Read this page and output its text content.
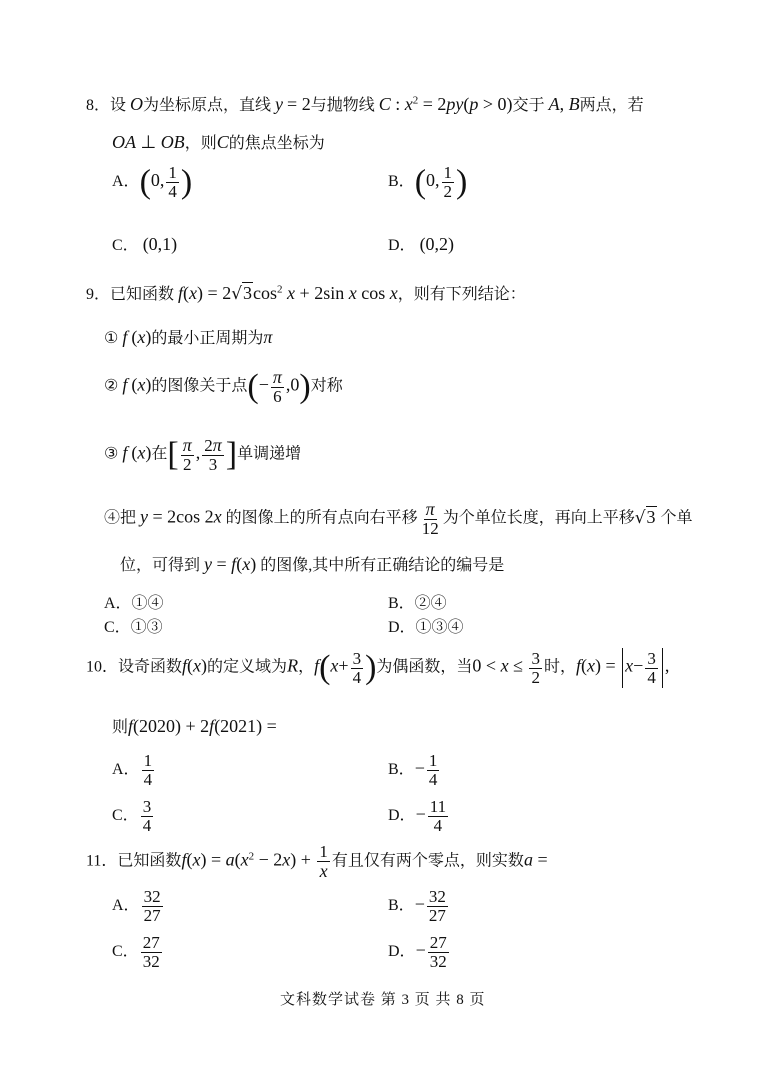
8．设 O为坐标原点，直线 y = 2与抛物线 C : $x^2 = 2py(p > 0)$交于 A, B两点，若
OA ⊥ OB，则C的焦点坐标为
A．(0, $\frac{1}{4}$ )	B．(0, $\frac{1}{2}$ )
C． (0,1)	D． (0,2)
9．已知函数 $f(x) = 2√3\cos^2$ x + 2sin x cos x，则有下列结论：
① f (x)的最小正周期为π
② f (x)的图像关于点(− $\frac{\pi}{6} ,0$)对称
③ f (x)在[ $\frac{\pi}{2}$ , $\frac{2\pi}{3}$ ]单调递增
④把 y = 2cos 2x 的图像上的所有点向右平移 $\frac{\pi}{12}$ 为个单位长度，再向上平移√3 个单
位，可得到 y = f(x) 的图像,其中所有正确结论的编号是
A．①④	B．②④
C．①③	D．①③④
10．设奇函数f(x)的定义域为R，$f(x+ \frac{3}{4}$ )为偶函数，当$0 < x \le \frac{3}{2}$ 时，$f(x) = x- \frac{3}{4}$ ,
则f(2020) + 2f(2021) =
A． $\frac{1}{4}$	B．− $\frac{1}{4}$
C． $\frac{3}{4}$	D．− $\frac{11}{4}$
11．已知函数$f(x) = a(x^2 - 2x) + \frac{1}{x}$ 有且仅有两个零点，则实数a =
A． $\frac{32}{27}$	B．− $\frac{32}{27}$
C． $\frac{27}{32}$	D．− $\frac{27}{32}$
文科数学试卷 第 3 页 共 8 页
